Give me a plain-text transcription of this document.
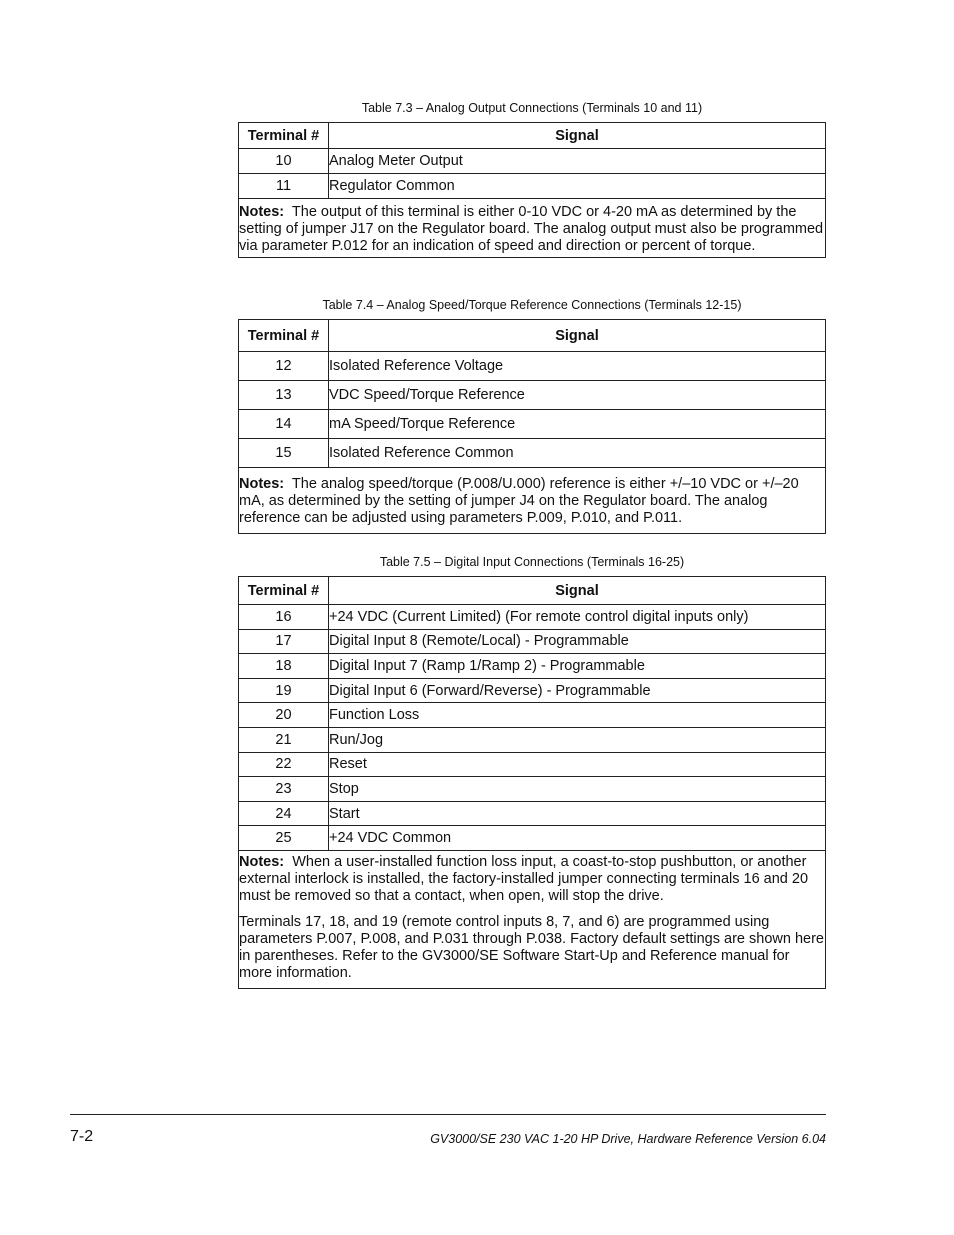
Table 7.3 – Analog Output Connections (Terminals 10 and 11)
Terminal #	Signal
10	Analog Meter Output
11	Regulator Common

Notes: The output of this terminal is either 0-10 VDC or 4-20 mA as determined by the setting of jumper J17 on the Regulator board. The analog output must also be programmed via parameter P.012 for an indication of speed and direction or percent of torque.	

Table 7.4 – Analog Speed/Torque Reference Connections (Terminals 12-15)
Terminal #	Signal
12	Isolated Reference Voltage
13	VDC Speed/Torque Reference
14	mA Speed/Torque Reference
15	Isolated Reference Common

Notes: The analog speed/torque (P.008/U.000) reference is either +/–10 VDC or +/–20 mA, as determined by the setting of jumper J4 on the Regulator board. The analog reference can be adjusted using parameters P.009, P.010, and P.011.	

Table 7.5 – Digital Input Connections (Terminals 16-25)
Terminal #	Signal
16	+24 VDC (Current Limited) (For remote control digital inputs only)
17	Digital Input 8 (Remote/Local) - Programmable
18	Digital Input 7 (Ramp 1/Ramp 2) - Programmable
19	Digital Input 6 (Forward/Reverse) - Programmable
20	Function Loss
21	Run/Jog
22	Reset
23	Stop
24	Start
25	+24 VDC Common

Notes: When a user-installed function loss input, a coast-to-stop pushbutton, or another external interlock is installed, the factory-installed jumper connecting terminals 16 and 20 must be removed so that a contact, when open, will stop the drive.

Terminals 17, 18, and 19 (remote control inputs 8, 7, and 6) are programmed using parameters P.007, P.008, and P.031 through P.038. Factory default settings are shown here in parentheses. Refer to the GV3000/SE Software Start-Up and Reference manual for more information.	

7-2	GV3000/SE 230 VAC 1-20 HP Drive, Hardware Reference Version 6.04
